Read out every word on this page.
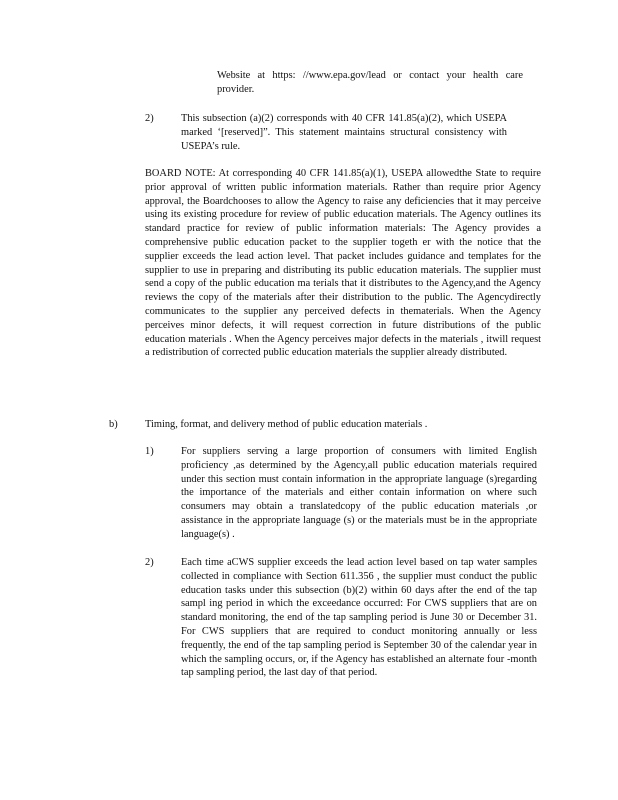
Website at https: //www.epa.gov/lead or contact your health care provider.

2)	This subsection (a)(2) corresponds with 40 CFR 141.85(a)(2), which USEPA marked ‘[reserved]”. This statement maintains structural consistency with USEPA’s rule.

BOARD NOTE: At corresponding 40 CFR 141.85(a)(1), USEPA allowedthe State to require prior approval of written public information materials. Rather than require prior Agency approval, the Boardchooses to allow the Agency to raise any deficiencies that it may perceive using its existing procedure for review of public education materials. The Agency outlines its standard practice for review of public information materials: The Agency provides a comprehensive public education packet to the supplier togeth er with the notice that the supplier exceeds the lead action level. That packet includes guidance and templates for the supplier to use in preparing and distributing its public education materials. The supplier must send a copy of the public education ma terials that it distributes to the Agency,and the Agency reviews the copy of the materials after their distribution to the public. The Agencydirectly communicates to the supplier any perceived defects in thematerials. When the Agency perceives minor defects, it will request correction in future distributions of the public education materials . When the Agency perceives major defects in the materials , itwill request a redistribution of corrected public education materials the supplier already distributed.

b)	Timing, format, and delivery method of public education materials .

1)	For suppliers serving a large proportion of consumers with limited English proficiency ,as determined by the Agency,all public education materials required under this section must contain information in the appropriate language (s)regarding the importance of the materials and either contain information on where such consumers may obtain a translatedcopy of the public education materials ,or assistance in the appropriate language (s) or the materials must be in the appropriate language(s) .

2)	Each time aCWS supplier exceeds the lead action level based on tap water samples collected in compliance with Section 611.356 , the supplier must conduct the public education tasks under this subsection (b)(2) within 60 days after the end of the tap sampl ing period in which the exceedance occurred: For CWS suppliers that are on standard monitoring, the end of the tap sampling period is June 30 or December 31. For CWS suppliers that are required to conduct monitoring annually or less frequently, the end of the tap sampling period is September 30 of the calendar year in which the sampling occurs, or, if the Agency has established an alternate four -month tap sampling period, the last day of that period.
